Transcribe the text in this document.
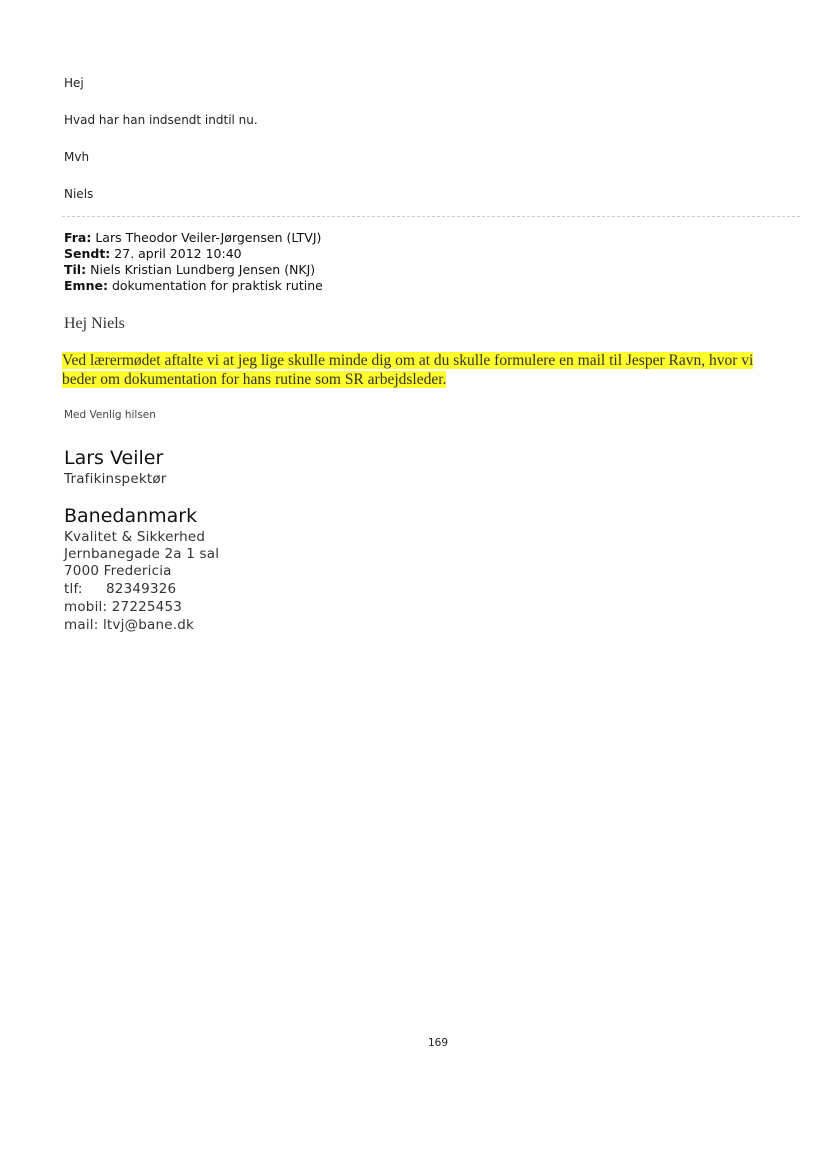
Hej
Hvad har han indsendt indtil nu.
Mvh
Niels
Fra: Lars Theodor Veiler-Jørgensen (LTVJ)
Sendt: 27. april 2012 10:40
Til: Niels Kristian Lundberg Jensen (NKJ)
Emne: dokumentation for praktisk rutine
Hej Niels
Ved lærermødet aftalte vi at jeg lige skulle minde dig om at du skulle formulere en mail til Jesper Ravn, hvor vi
beder om dokumentation for hans rutine som SR arbejdsleder.
Med Venlig hilsen
Lars Veiler
Trafikinspektør
Banedanmark
Kvalitet & Sikkerhed
Jernbanegade 2a 1 sal
7000 Fredericia
tlf: 82349326
mobil: 27225453
mail: ltvj@bane.dk
169
